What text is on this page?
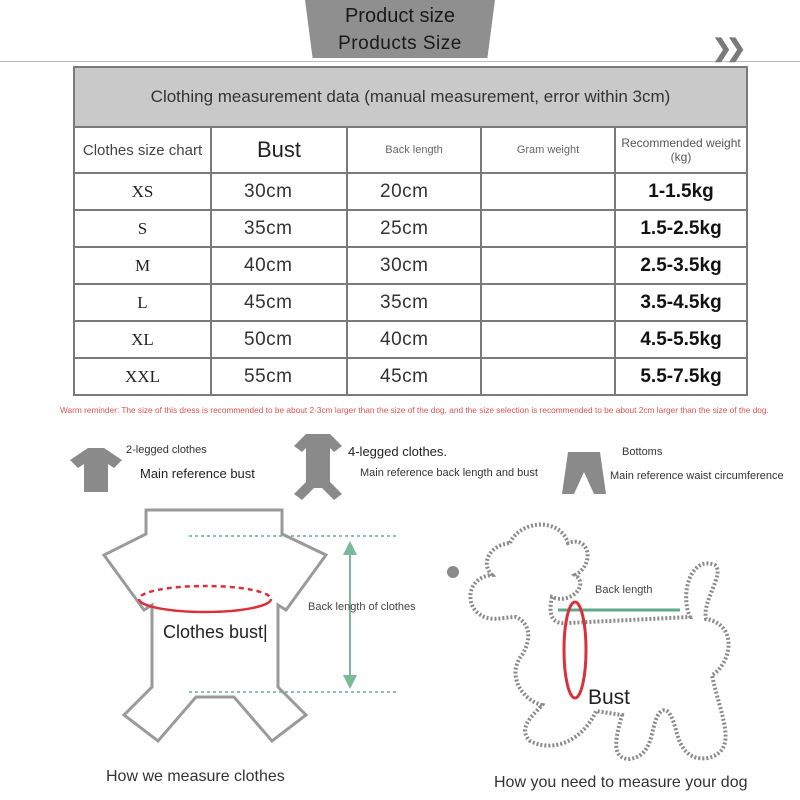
Product size
Products Size	❯❯
Clothing measurement data (manual measurement, error within 3cm)				
Clothes size chart	Bust	Back length	Gram weight	Recommended weight (kg)
XS	30cm	20cm		1-1.5kg
S	35cm	25cm		1.5-2.5kg
M	40cm	30cm		2.5-3.5kg
L	45cm	35cm		3.5-4.5kg
XL	50cm	40cm		4.5-5.5kg
XXL	55cm	45cm		5.5-7.5kg
Warm reminder: The size of this dress is recommended to be about 2-3cm larger than the size of the dog, and the size selection is recommended to be about 2cm larger than the size of the dog.
2-legged clothes
Main reference bust
4-legged clothes.
Main reference back length and bust
Bottoms
Main reference waist circumference
Back length of clothes
Clothes bust|
How we measure clothes
Back length
Bust
How you need to measure your dog
